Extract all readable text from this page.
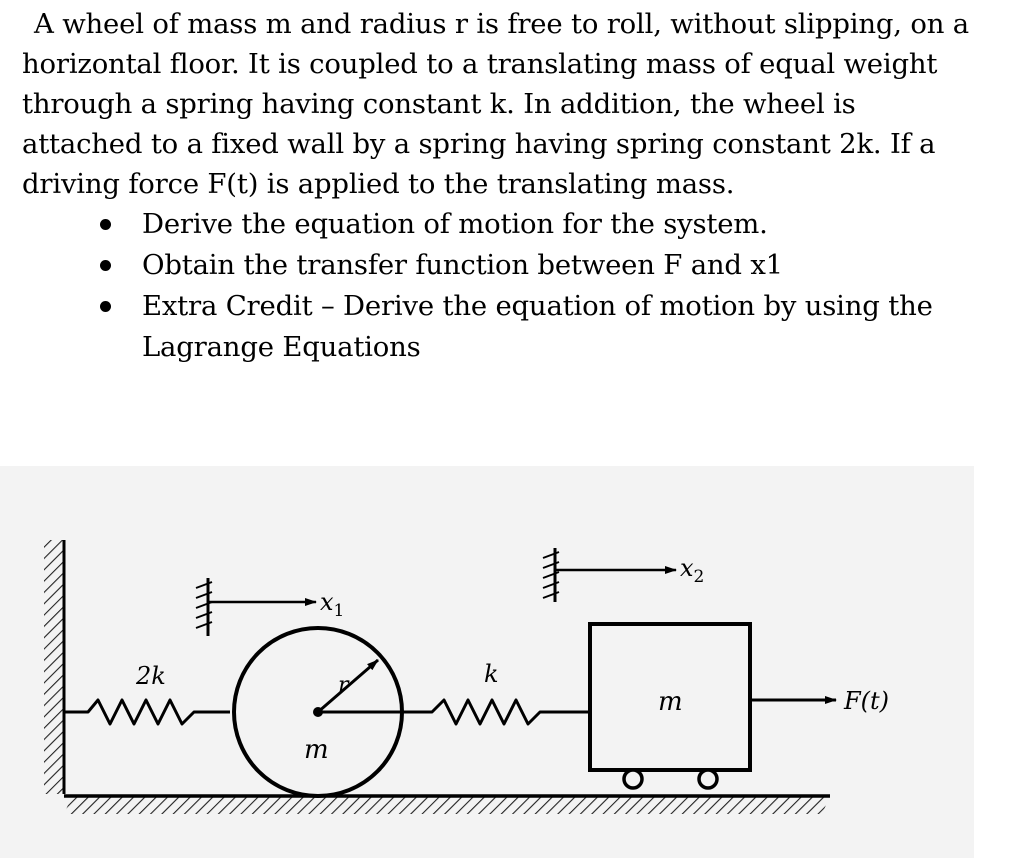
A wheel of mass m and radius r is free to roll, without slipping, on a
horizontal floor. It is coupled to a translating mass of equal weight
through a spring having constant k. In addition, the wheel is
attached to a fixed wall by a spring having spring constant 2k. If a
driving force F(t) is applied to the translating mass.

Derive the equation of motion for the system.
Obtain the transfer function between F and x1
Extra Credit – Derive the equation of motion by using the
Lagrange Equations
2k	k
r
m
m
$x_1$
$x_2$
F(t)
